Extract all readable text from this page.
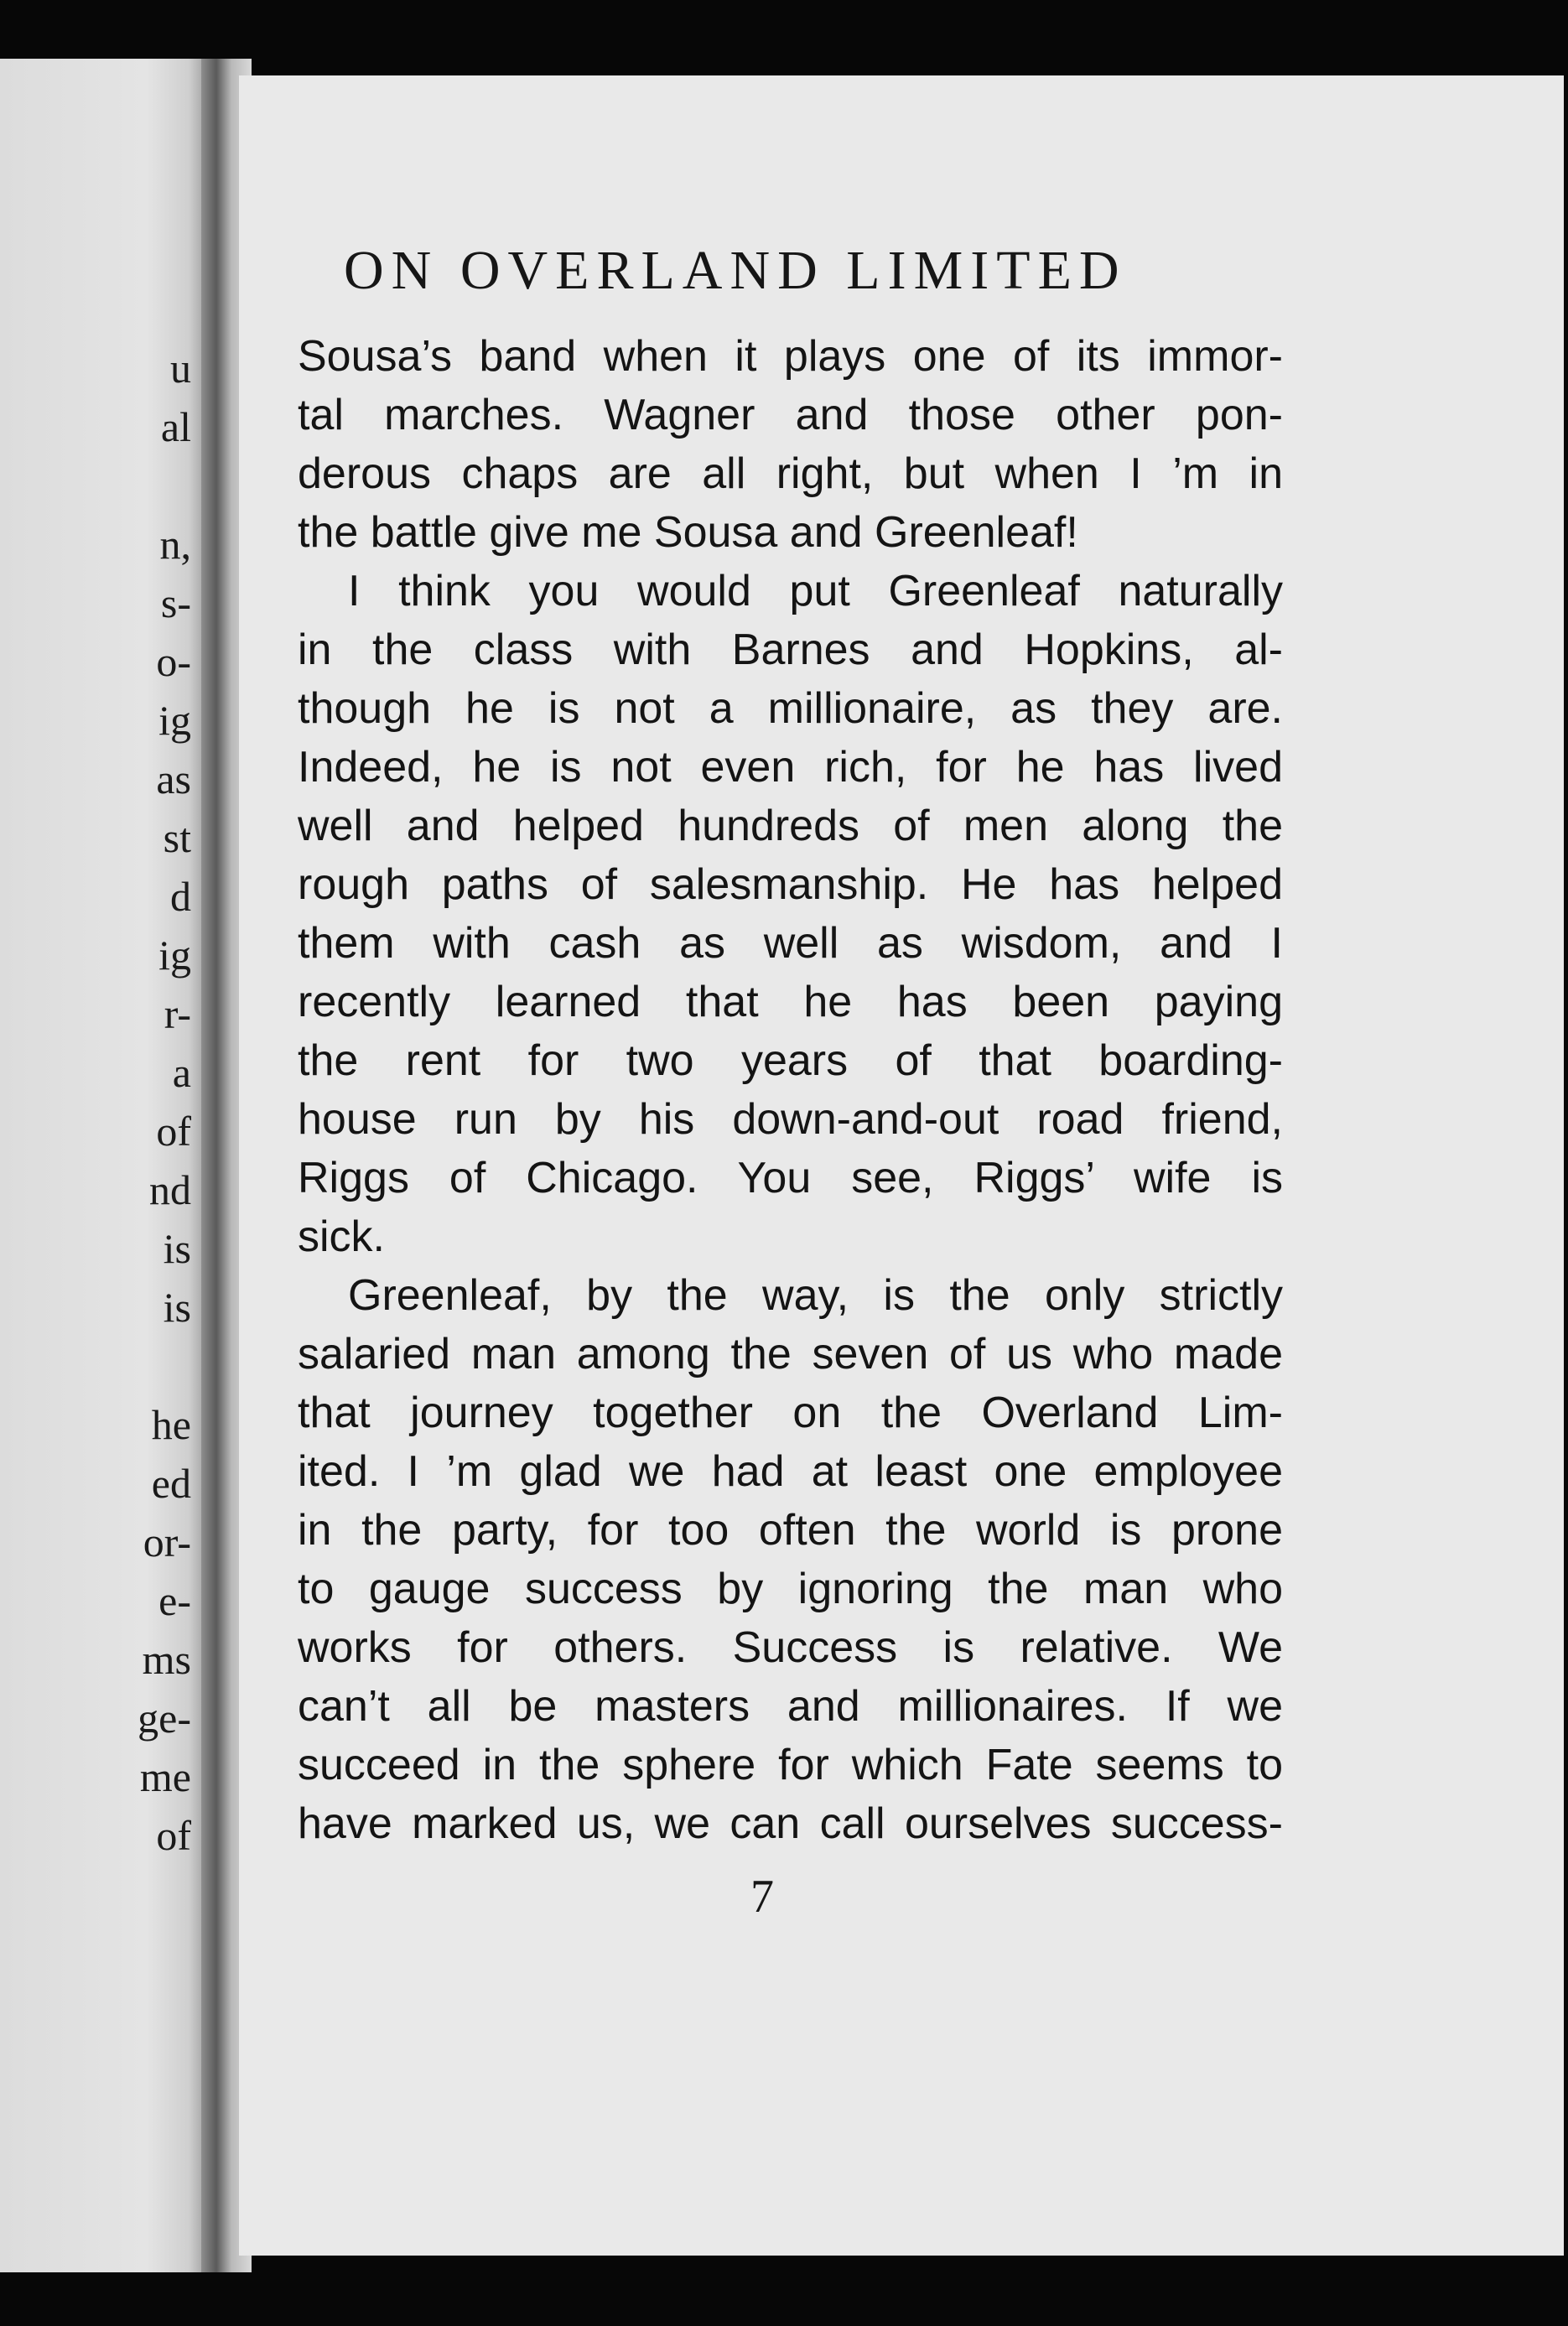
u
al
n,
s-
o-
ig
as
st
d
ig
r-
a
of
nd
is
is
he
ed
or-
e-
ms
ge-
me
of
ON OVERLAND LIMITED
Sousa’s band when it plays one of its immor-
tal marches. Wagner and those other pon-
derous chaps are all right, but when I ’m in
the battle give me Sousa and Greenleaf!
I think you would put Greenleaf naturally
in the class with Barnes and Hopkins, al-
though he is not a millionaire, as they are.
Indeed, he is not even rich, for he has lived
well and helped hundreds of men along the
rough paths of salesmanship. He has helped
them with cash as well as wisdom, and I
recently learned that he has been paying
the rent for two years of that boarding-
house run by his down-and-out road friend,
Riggs of Chicago. You see, Riggs’ wife is
sick.
Greenleaf, by the way, is the only strictly
salaried man among the seven of us who made
that journey together on the Overland Lim-
ited. I ’m glad we had at least one employee
in the party, for too often the world is prone
to gauge success by ignoring the man who
works for others. Success is relative. We
can’t all be masters and millionaires. If we
succeed in the sphere for which Fate seems to
have marked us, we can call ourselves success-
7
